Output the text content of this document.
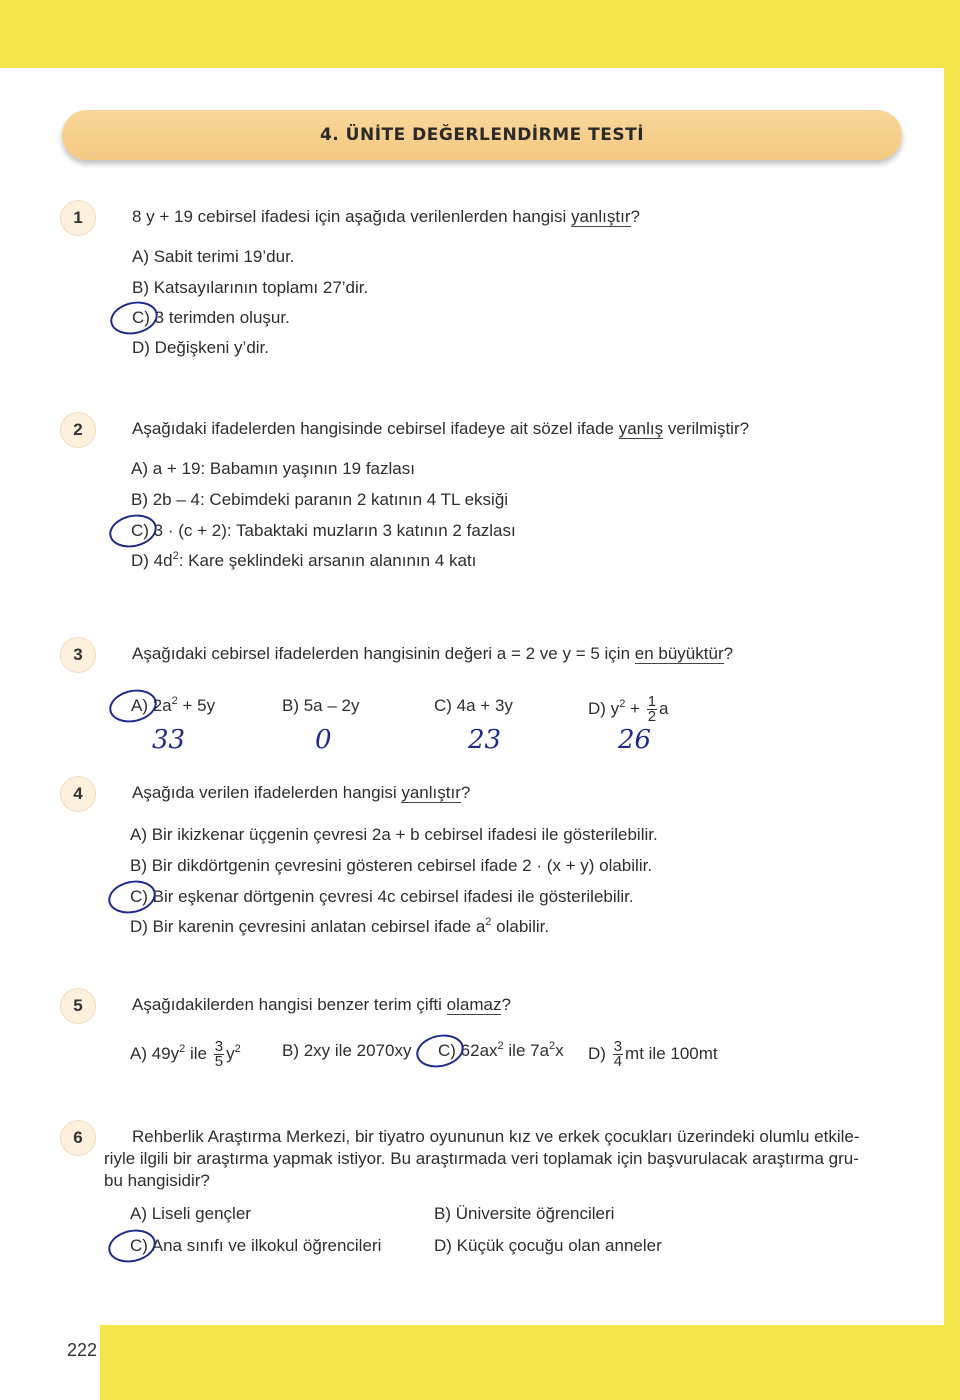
222
4. ÜNİTE DEĞERLENDİRME TESTİ
1	8 y + 19 cebirsel ifadesi için aşağıda verilenlerden hangisi yanlıştır?
A) Sabit terimi 19’dur.
B) Katsayılarının toplamı 27’dir.
C) 3 terimden oluşur.
D) Değişkeni y’dir.
2	Aşağıdaki ifadelerden hangisinde cebirsel ifadeye ait sözel ifade yanlış verilmiştir?
A) a + 19: Babamın yaşının 19 fazlası
B) 2b – 4: Cebimdeki paranın 2 katının 4 TL eksiği
C) 3 · (c + 2): Tabaktaki muzların 3 katının 2 fazlası
D) $4d^2$: Kare şeklindeki arsanın alanının 4 katı
3	Aşağıdaki cebirsel ifadelerden hangisinin değeri a = 2 ve y = 5 için en büyüktür?
A) $2a^2 + 5y$
33
B) 5a – 2y
0
C) 4a + 3y
23
D) $y^2 + \frac{1}{2}$ a
26
4	Aşağıda verilen ifadelerden hangisi yanlıştır?
A) Bir ikizkenar üçgenin çevresi 2a + b cebirsel ifadesi ile gösterilebilir.
B) Bir dikdörtgenin çevresini gösteren cebirsel ifade 2 · (x + y) olabilir.
C) Bir eşkenar dörtgenin çevresi 4c cebirsel ifadesi ile gösterilebilir.
D) Bir karenin çevresini anlatan cebirsel ifade $a^2$ olabilir.
5	Aşağıdakilerden hangisi benzer terim çifti olamaz?
A) $49y^2$ ile $\frac{3}{5} y^2$ B) 2xy ile 2070xy C) $62ax^2$ ile $7a^2x$ $D) \frac{3}{4}$ mt ile 100mt
6	Rehberlik Araştırma Merkezi, bir tiyatro oyununun kız ve erkek çocukları üzerindeki olumlu etkile-riyle ilgili bir araştırma yapmak istiyor. Bu araştırmada veri toplamak için başvurulacak araştırma gru-bu hangisidir?
A) Liseli gençler	B) Üniversite öğrencileri
C) Ana sınıfı ve ilkokul öğrencileri	D) Küçük çocuğu olan anneler
